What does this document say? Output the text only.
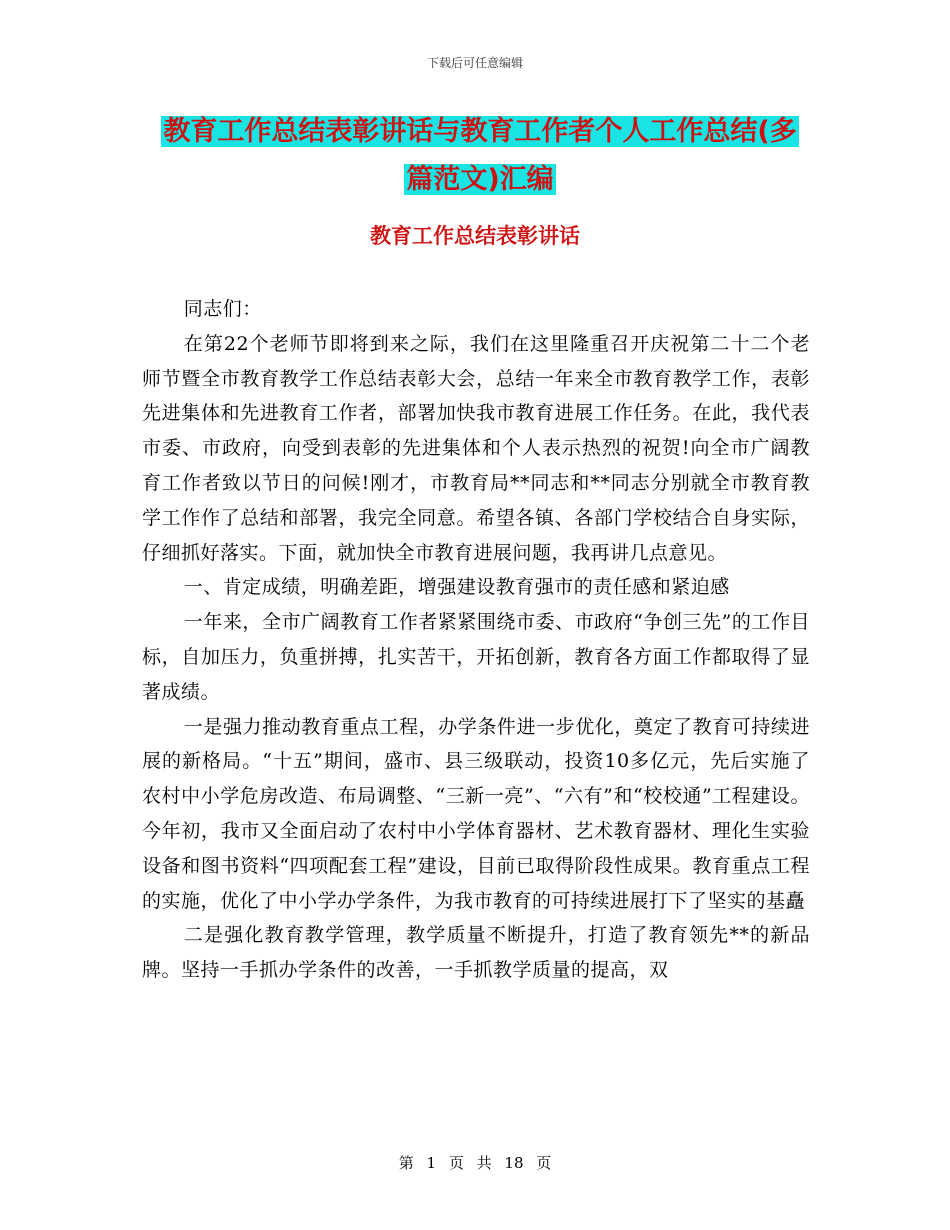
下载后可任意编辑
教育工作总结表彰讲话与教育工作者个人工作总结(多
篇范文)汇编
教育工作总结表彰讲话

同志们：

在第22个老师节即将到来之际，我们在这里隆重召开庆祝第二十二个老师节暨全市教育教学工作总结表彰大会，总结一年来全市教育教学工作，表彰先进集体和先进教育工作者，部署加快我市教育进展工作任务。在此，我代表市委、市政府，向受到表彰的先进集体和个人表示热烈的祝贺!向全市广阔教育工作者致以节日的问候!刚才，市教育局**同志和**同志分别就全市教育教学工作作了总结和部署，我完全同意。希望各镇、各部门学校结合自身实际，仔细抓好落实。下面，就加快全市教育进展问题，我再讲几点意见。

一、肯定成绩，明确差距，增强建设教育强市的责任感和紧迫感

一年来，全市广阔教育工作者紧紧围绕市委、市政府“争创三先”的工作目标，自加压力，负重拼搏，扎实苦干，开拓创新，教育各方面工作都取得了显著成绩。

一是强力推动教育重点工程，办学条件进一步优化，奠定了教育可持续进展的新格局。“十五”期间，盛市、县三级联动，投资10多亿元，先后实施了农村中小学危房改造、布局调整、“三新一亮”、“六有”和“校校通”工程建设。今年初，我市又全面启动了农村中小学体育器材、艺术教育器材、理化生实验设备和图书资料“四项配套工程”建设，目前已取得阶段性成果。教育重点工程的实施，优化了中小学办学条件，为我市教育的可持续进展打下了坚实的基矗

二是强化教育教学管理，教学质量不断提升，打造了教育领先**的新品牌。坚持一手抓办学条件的改善，一手抓教学质量的提高，双

第 1 页 共 18 页
